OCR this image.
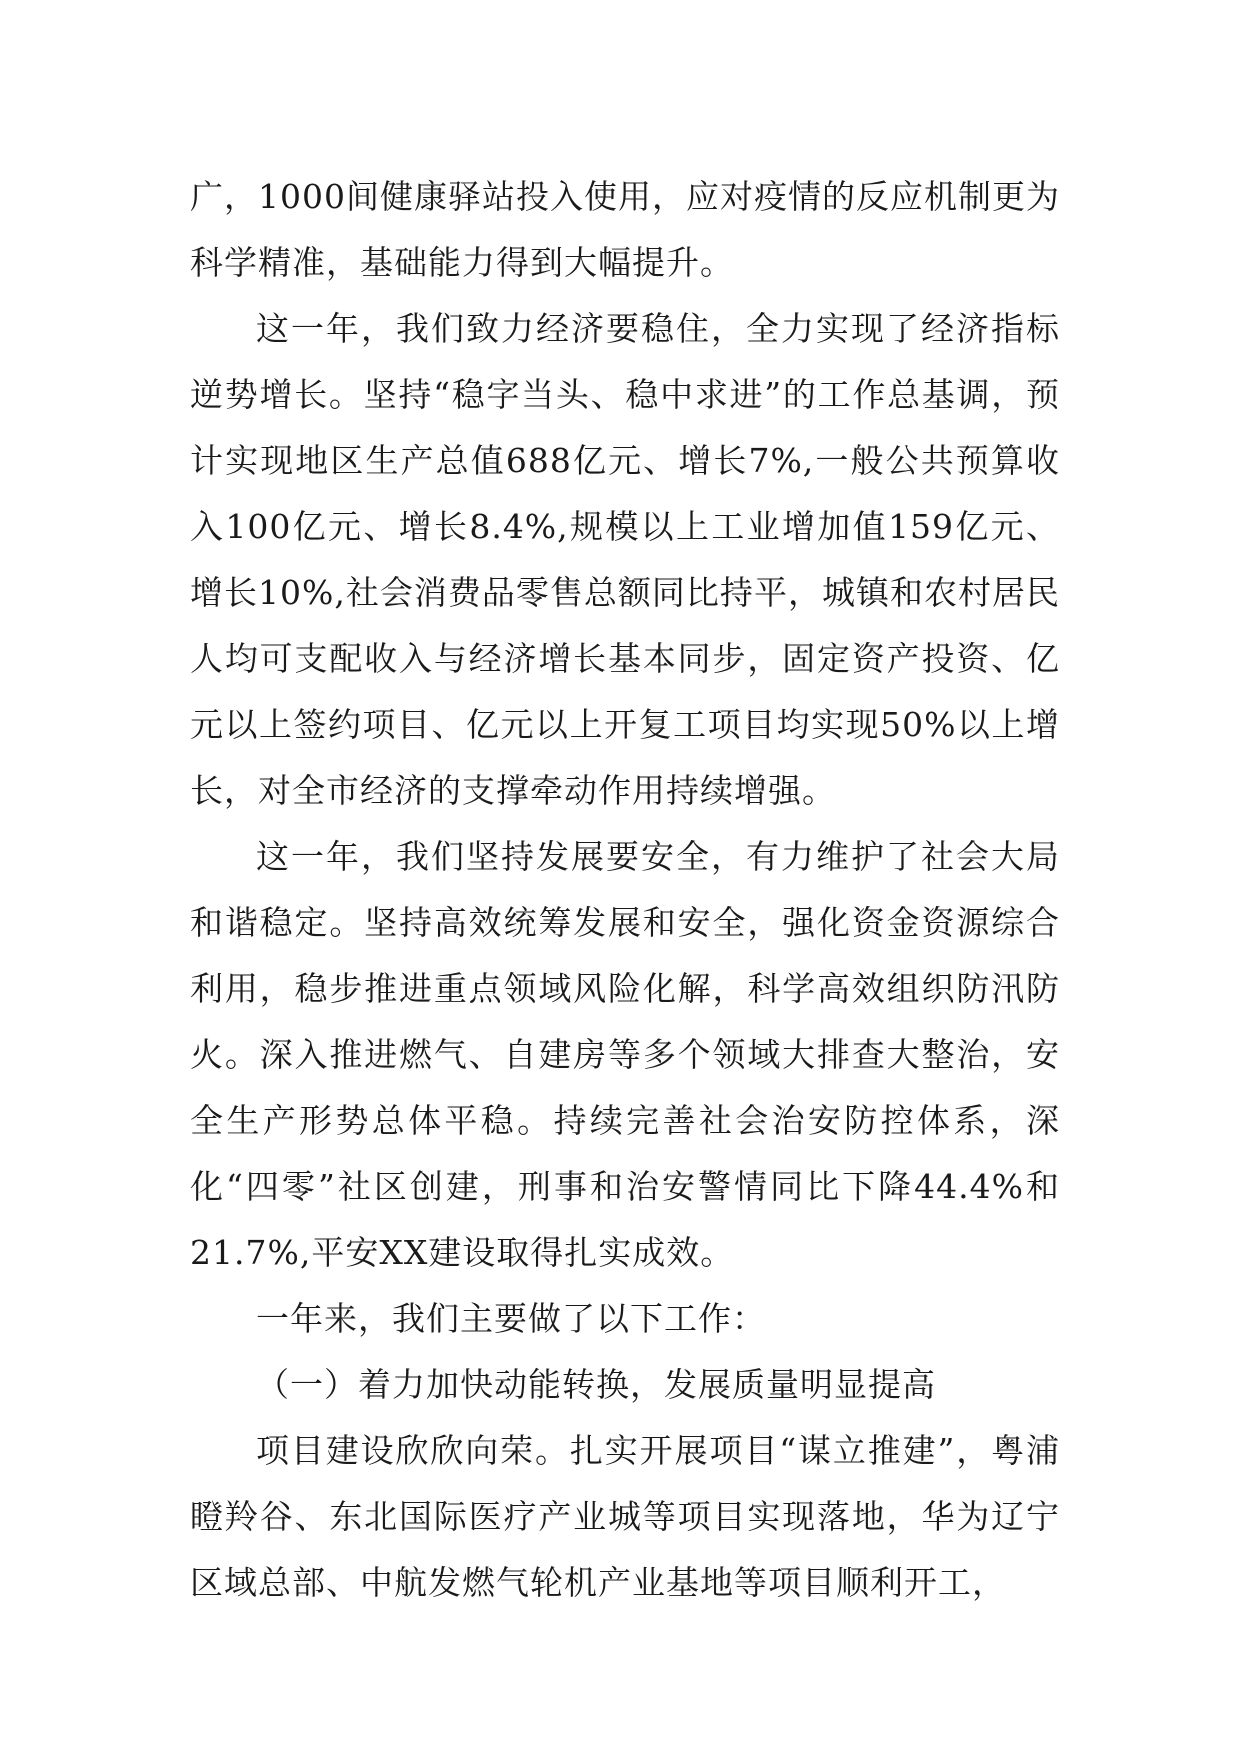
广，1000间健康驿站投入使用，应对疫情的反应机制更为科学精准，基础能力得到大幅提升。

这一年，我们致力经济要稳住，全力实现了经济指标逆势增长。坚持“稳字当头、稳中求进”的工作总基调，预计实现地区生产总值688亿元、增长7%,一般公共预算收入100亿元、增长8.4%,规模以上工业增加值159亿元、增长10%,社会消费品零售总额同比持平，城镇和农村居民人均可支配收入与经济增长基本同步，固定资产投资、亿元以上签约项目、亿元以上开复工项目均实现50%以上增长，对全市经济的支撑牵动作用持续增强。

这一年，我们坚持发展要安全，有力维护了社会大局和谐稳定。坚持高效统筹发展和安全，强化资金资源综合利用，稳步推进重点领域风险化解，科学高效组织防汛防火。深入推进燃气、自建房等多个领域大排查大整治，安全生产形势总体平稳。持续完善社会治安防控体系，深化“四零”社区创建，刑事和治安警情同比下降44.4%和21.7%,平安XX建设取得扎实成效。

一年来，我们主要做了以下工作：

（一）着力加快动能转换，发展质量明显提高

项目建设欣欣向荣。扎实开展项目“谋立推建”，粤浦瞪羚谷、东北国际医疗产业城等项目实现落地，华为辽宁区域总部、中航发燃气轮机产业基地等项目顺利开工，
